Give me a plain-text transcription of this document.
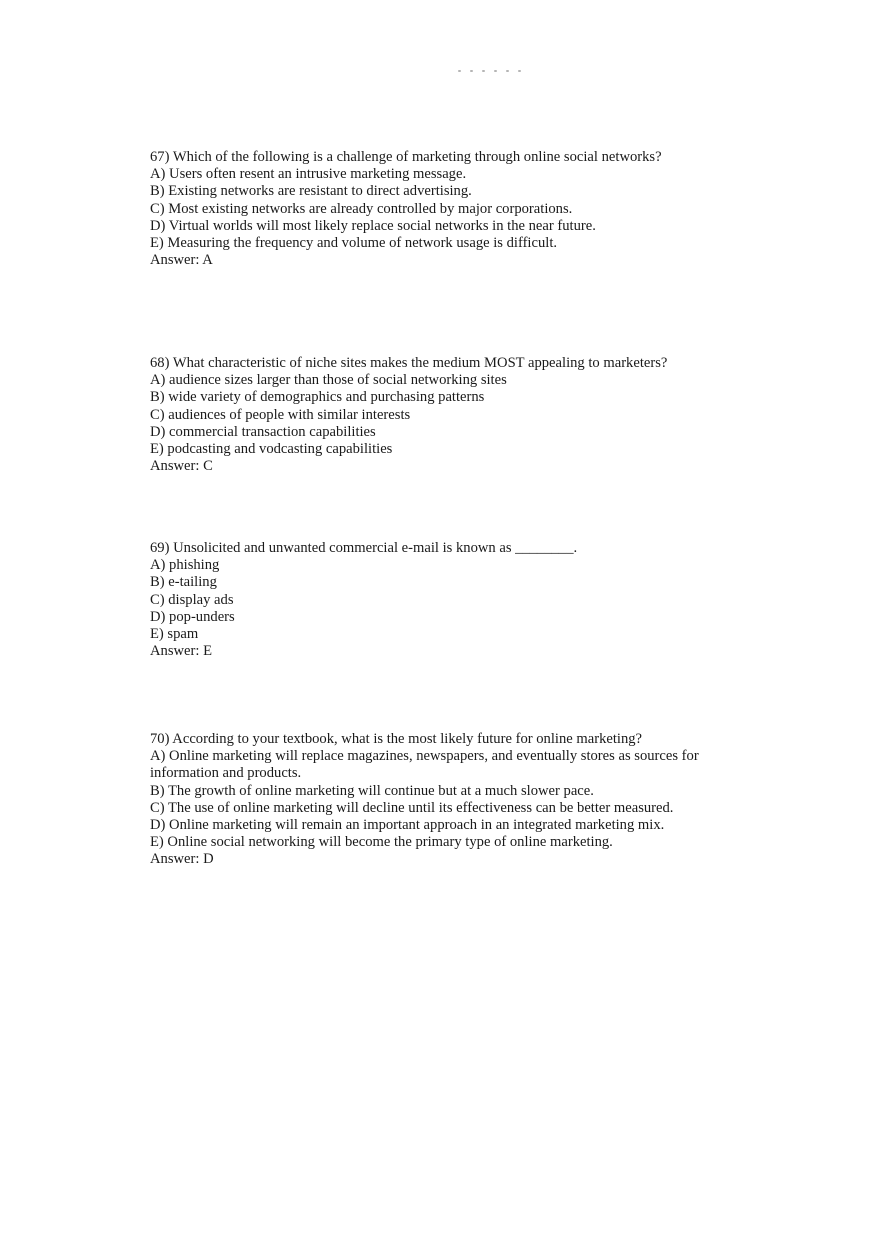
67) Which of the following is a challenge of marketing through online social networks?

A) Users often resent an intrusive marketing message.

B) Existing networks are resistant to direct advertising.

C) Most existing networks are already controlled by major corporations.

D) Virtual worlds will most likely replace social networks in the near future.

E) Measuring the frequency and volume of network usage is difficult.

Answer: A

68) What characteristic of niche sites makes the medium MOST appealing to marketers?

A) audience sizes larger than those of social networking sites

B) wide variety of demographics and purchasing patterns

C) audiences of people with similar interests

D) commercial transaction capabilities

E) podcasting and vodcasting capabilities

Answer: C

69) Unsolicited and unwanted commercial e-mail is known as ________.

A) phishing

B) e-tailing

C) display ads

D) pop-unders

E) spam

Answer: E

70) According to your textbook, what is the most likely future for online marketing?

A) Online marketing will replace magazines, newspapers, and eventually stores as sources for information and products.

B) The growth of online marketing will continue but at a much slower pace.

C) The use of online marketing will decline until its effectiveness can be better measured.

D) Online marketing will remain an important approach in an integrated marketing mix.

E) Online social networking will become the primary type of online marketing.

Answer: D
